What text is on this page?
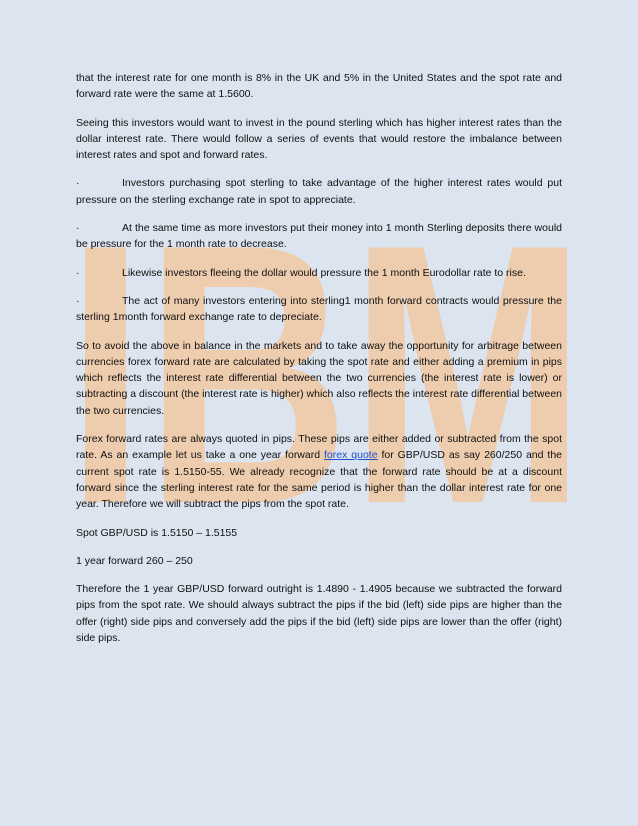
IBM

that the interest rate for one month is 8% in the UK and 5% in the United States and the spot rate and forward rate were the same at 1.5600.

Seeing this investors would want to invest in the pound sterling which has higher interest rates than the dollar interest rate. There would follow a series of events that would restore the imbalance between interest rates and spot and forward rates.

·	Investors purchasing spot sterling to take advantage of the higher interest rates would put pressure on the sterling exchange rate in spot to appreciate.

·	At the same time as more investors put their money into 1 month Sterling deposits there would be pressure for the 1 month rate to decrease.

·	Likewise investors fleeing the dollar would pressure the 1 month Eurodollar rate to rise.

·	The act of many investors entering into sterling1 month forward contracts would pressure the sterling 1month forward exchange rate to depreciate.

So to avoid the above in balance in the markets and to take away the opportunity for arbitrage between currencies forex forward rate are calculated by taking the spot rate and either adding a premium in pips which reflects the interest rate differential between the two currencies (the interest rate is lower) or subtracting a discount (the interest rate is higher) which also reflects the interest rate differential between the two currencies.

Forex forward rates are always quoted in pips. These pips are either added or subtracted from the spot rate. As an example let us take a one year forward forex quote for GBP/USD as say 260/250 and the current spot rate is 1.5150-55. We already recognize that the forward rate should be at a discount forward since the sterling interest rate for the same period is higher than the dollar interest rate for one year. Therefore we will subtract the pips from the spot rate.

Spot GBP/USD is 1.5150 – 1.5155

1 year forward 260 – 250

Therefore the 1 year GBP/USD forward outright is 1.4890 - 1.4905 because we subtracted the forward pips from the spot rate. We should always subtract the pips if the bid (left) side pips are higher than the offer (right) side pips and conversely add the pips if the bid (left) side pips are lower than the offer (right) side pips.
